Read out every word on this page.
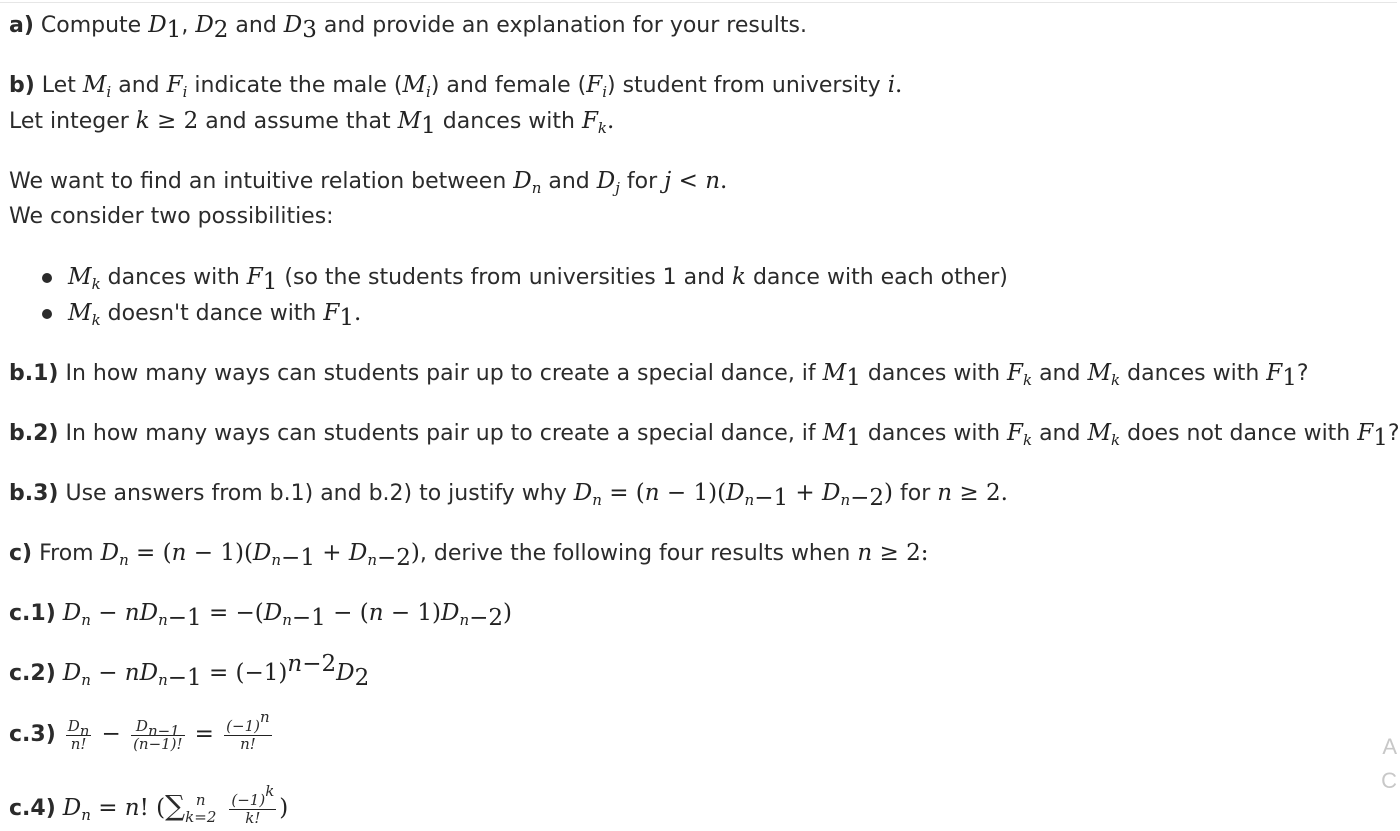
a) Compute $D_1$, $D_2$ and $D_3$ and provide an explanation for your results.
b) Let $M_i$ and $F_i$ indicate the male $(M_i)$ and female $(F_i)$ student from university i.
Let integer k ≥ 2 and assume that $M_1$ dances with $F_k$.
We want to find an intuitive relation between $D_n$ and $D_j$ for j < n.
We consider two possibilities:
$M_k$ dances with $F_1$ (so the students from universities 1 and k dance with each other)
$M_k$ doesn't dance with $F_1$.
b.1) In how many ways can students pair up to create a special dance, if $M_1$ dances with $F_k$ and $M_k$ dances with $F_1$?
b.2) In how many ways can students pair up to create a special dance, if $M_1$ dances with $F_k$ and $M_k$ does not dance with $F_1$?
b.3) Use answers from b.1) and b.2) to justify why $D_n = (n - 1)(D_{n-1} + D_{n-2})$ for n ≥ 2.
c) From $D_n = (n - 1)(D_{n-1} + D_{n-2})$, derive the following four results when n ≥ 2:
c.1) $D_n - nD_{n-1} = -(D_{n-1} - (n - 1)D_{n-2})$
c.2) $D_n - nD_{n-1} = (-1)^{n-2}D_2$
$c.3) \frac{D_n}{n!} - \frac{D_{n-1}}{(n-1)!} = \frac{(-1)^n}{n!}$
c.4) $D_n = n$! (∑ n
k=2
$\frac{(-1)^k}{k!}$ )
A
C
